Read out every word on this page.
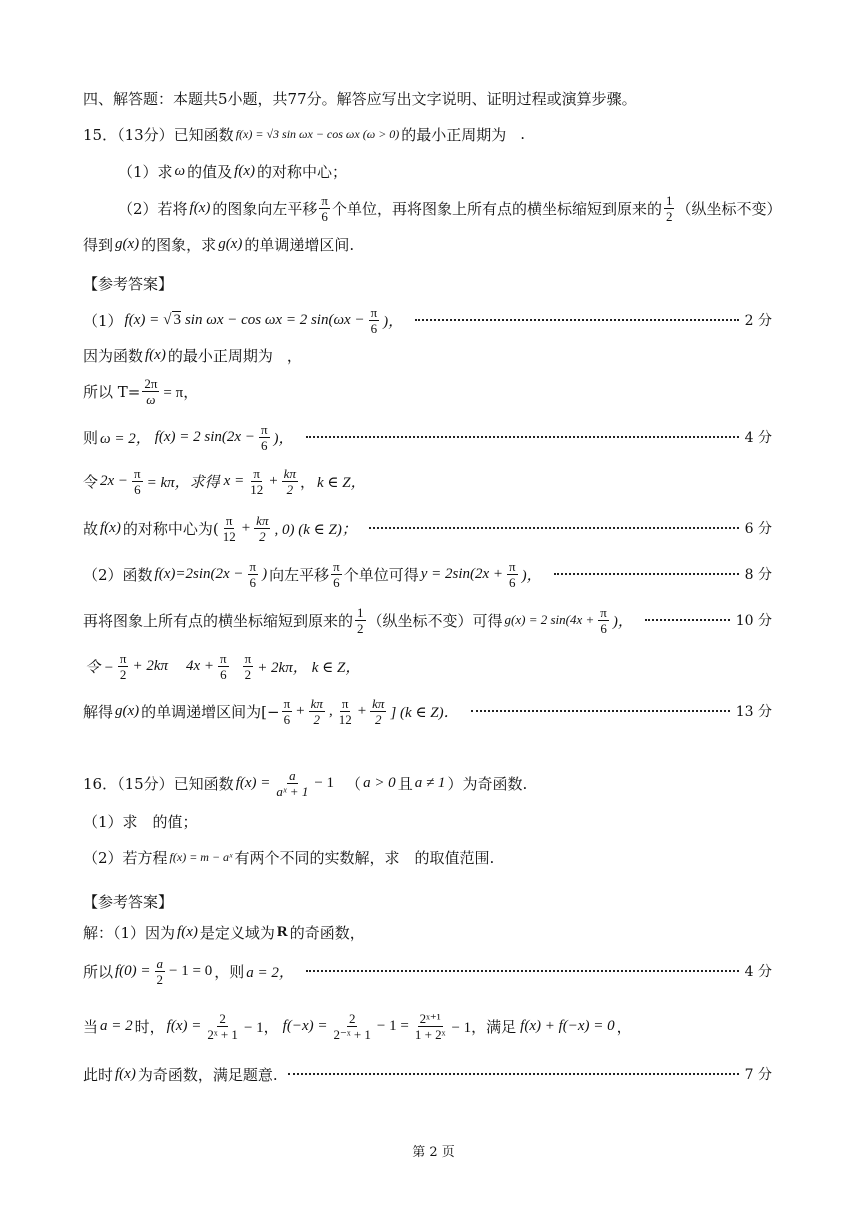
四、解答题：本题共5小题，共77分。解答应写出文字说明、证明过程或演算步骤。
15．（13分）已知函数 f(x) = √3 sin ωx − cos ωx (ω > 0) 的最小正周期为 .
（1）求 ω 的值及 f(x) 的对称中心；
（2）若将 f(x) 的图象向左平移 $\frac{\pi}{6}$ 个单位，再将图象上所有点的横坐标缩短到原来的 $\frac{1}{2}$ （纵坐标不变）
得到 g(x) 的图象，求 g(x) 的单调递增区间.
【参考答案】
（1） f(x) = √ 3 sin ωx − cos ωx = 2 $\sin(\omega x - \frac{\pi}{6}$ )，	2 分
因为函数 f(x) 的最小正周期为 ，
所以 $T= \frac{2\pi}{\omega} = \pi$，
则 ω = 2， f(x) = 2 $\sin(2x - \frac{\pi}{6}$ )，	4 分
令 $2x - \frac{\pi}{6} = k\pi$，求得 $x = \frac{\pi}{12} + \frac{k\pi}{2}$ ， k ∈ Z，
故 f(x) 的对称中心为( $\frac{\pi}{12} + \frac{k\pi}{2}$ , 0) (k ∈ Z)；	6 分
（2）函数 $f(x)=2\sin(2x - \frac{\pi}{6}$ ) 向左平移 $\frac{\pi}{6}$ 个单位可得 $y = 2\sin(2x + \frac{\pi}{6}$ )，	8 分
再将图象上所有点的横坐标缩短到原来的 $\frac{1}{2}$ （纵坐标不变）可得 g(x) = 2 $\sin(4x + \frac{\pi}{6}$ )，	10 分
令 − $\frac{\pi}{2} + 2k\pi$ $4x + \frac{\pi}{6} \frac{\pi}{2} + 2k\pi$， k ∈ Z，
解得 g(x) 的单调递增区间为[− $\frac{\pi}{6} + \frac{k\pi}{2}$ , $\frac{\pi}{12} + \frac{k\pi}{2}$ ] (k ∈ Z)．	13 分
16．（15分）已知函数 $f(x) = \frac{a}{\text{aˣ + 1}} - 1$ （ a > 0 且 a ≠ 1 ）为奇函数.
（1）求　的值；
（2）若方程 f(x) = m − aˣ 有两个不同的实数解，求　的取值范围.
【参考答案】
解：（1）因为 f(x) 是定义域为 R 的奇函数，
所以 $f(0) = \frac{a}{2} - 1 = 0$ ，则 a = 2，	4 分
当 a = 2 时， $f(x) = \frac{2}{\text{2ˣ + 1}} - 1$， $f(-x) = \frac{2}{\text{2⁻ˣ + 1}} - 1 = \frac{\text{2ˣ⁺¹}}{\text{1 + 2ˣ}} - 1$，满足 f(x) + f(−x) = 0 ，
此时 f(x) 为奇函数，满足题意.	7 分
第 2 页
